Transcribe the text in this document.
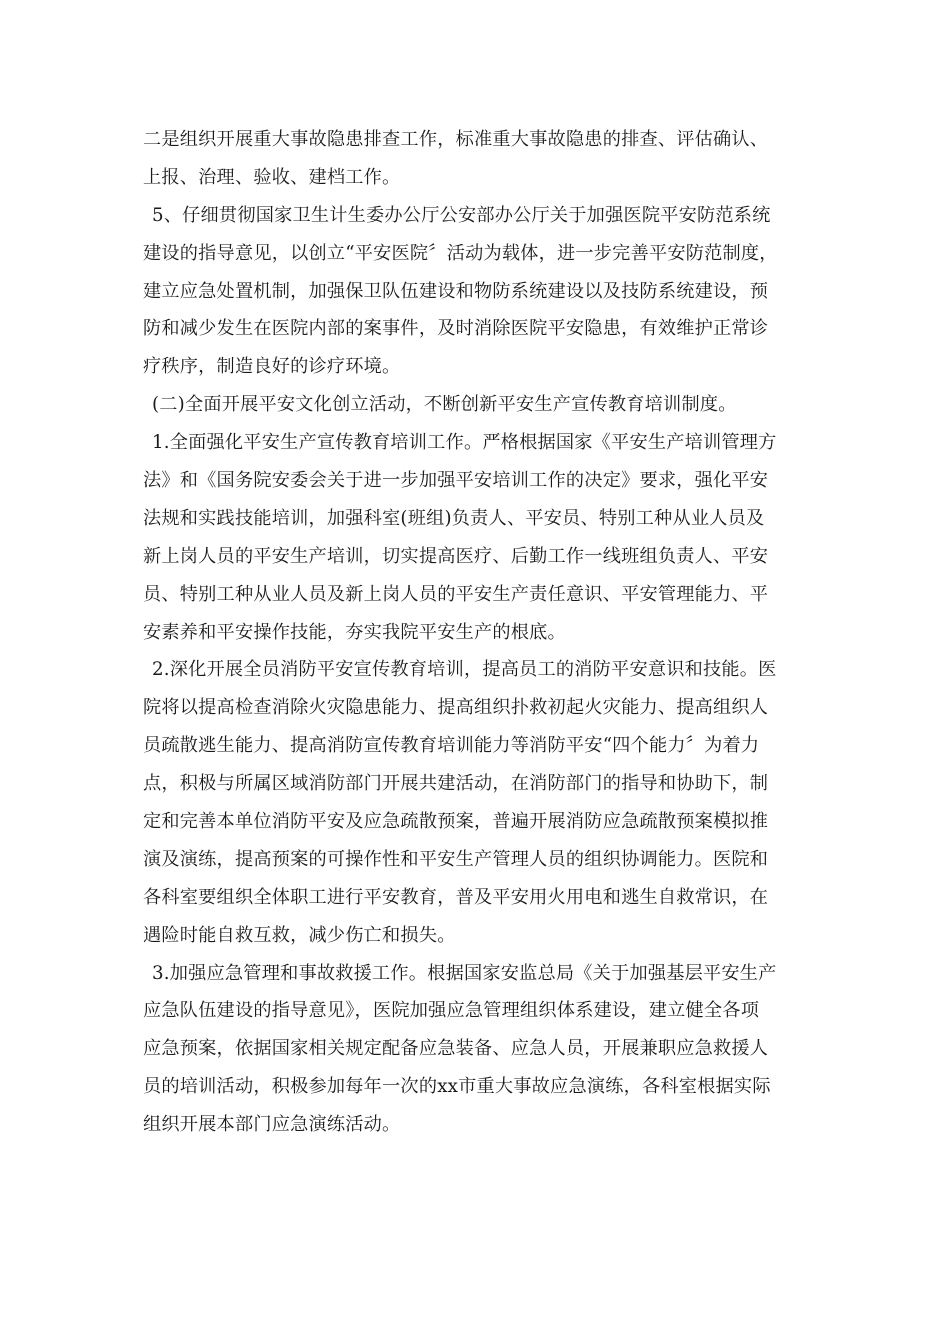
二是组织开展重大事故隐患排查工作，标准重大事故隐患的排查、评估确认、
上报、治理、验收、建档工作。
5、仔细贯彻国家卫生计生委办公厅公安部办公厅关于加强医院平安防范系统
建设的指导意见，以创立“平安医院〞活动为载体，进一步完善平安防范制度，
建立应急处置机制，加强保卫队伍建设和物防系统建设以及技防系统建设，预
防和减少发生在医院内部的案事件，及时消除医院平安隐患，有效维护正常诊
疗秩序，制造良好的诊疗环境。
(二)全面开展平安文化创立活动，不断创新平安生产宣传教育培训制度。
1.全面强化平安生产宣传教育培训工作。严格根据国家《平安生产培训管理方
法》和《国务院安委会关于进一步加强平安培训工作的决定》要求，强化平安
法规和实践技能培训，加强科室(班组)负责人、平安员、特别工种从业人员及
新上岗人员的平安生产培训，切实提高医疗、后勤工作一线班组负责人、平安
员、特别工种从业人员及新上岗人员的平安生产责任意识、平安管理能力、平
安素养和平安操作技能，夯实我院平安生产的根底。
2.深化开展全员消防平安宣传教育培训，提高员工的消防平安意识和技能。医
院将以提高检查消除火灾隐患能力、提高组织扑救初起火灾能力、提高组织人
员疏散逃生能力、提高消防宣传教育培训能力等消防平安“四个能力〞为着力
点，积极与所属区域消防部门开展共建活动，在消防部门的指导和协助下，制
定和完善本单位消防平安及应急疏散预案，普遍开展消防应急疏散预案模拟推
演及演练，提高预案的可操作性和平安生产管理人员的组织协调能力。医院和
各科室要组织全体职工进行平安教育，普及平安用火用电和逃生自救常识，在
遇险时能自救互救，减少伤亡和损失。
3.加强应急管理和事故救援工作。根据国家安监总局《关于加强基层平安生产
应急队伍建设的指导意见》，医院加强应急管理组织体系建设，建立健全各项
应急预案，依据国家相关规定配备应急装备、应急人员，开展兼职应急救援人
员的培训活动，积极参加每年一次的xx市重大事故应急演练，各科室根据实际
组织开展本部门应急演练活动。
